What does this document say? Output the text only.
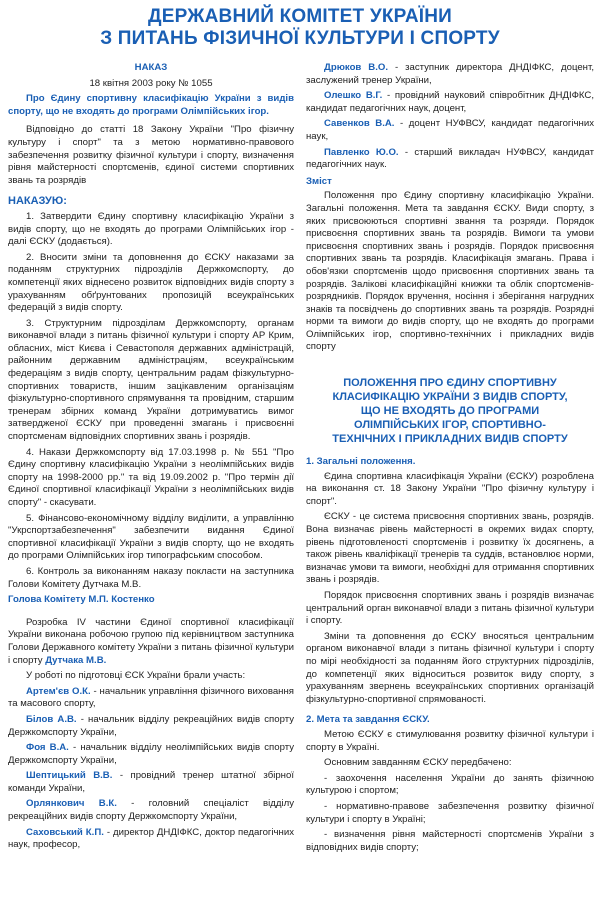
ДЕРЖАВНИЙ КОМІТЕТ УКРАЇНИ
З ПИТАНЬ ФІЗИЧНОЇ КУЛЬТУРИ І СПОРТУ

НАКАЗ

18 квітня 2003 року № 1055

Про Єдину спортивну класифікацію України з видів спорту, що не входять до програми Олімпійських ігор.

Відповідно до статті 18 Закону України "Про фізичну культуру і спорт" та з метою нормативно-правового забезпечення розвитку фізичної культури і спорту, визначення рівня майстерності спортсменів, єдиної системи спортивних звань та розрядів

НАКАЗУЮ:

1. Затвердити Єдину спортивну класифікацію України з видів спорту, що не входять до програми Олімпійських ігор - далі ЄСКУ (додається).

2. Вносити зміни та доповнення до ЄСКУ наказами за поданням структурних підрозділів Держкомспорту, до компетенції яких віднесено розвиток відповідних видів спорту з урахуванням обґрунтованих пропозицій всеукраїнських федерацій з видів спорту.

3. Структурним підрозділам Держкомспорту, органам виконавчої влади з питань фізичної культури і спорту АР Крим, обласних, міст Києва і Севастополя державних адміністрацій, районним державним адміністраціям, всеукраїнським федераціям з видів спорту, центральним радам фізкультурно-спортивних товариств, іншим зацікавленим організаціям фізкультурно-спортивного спрямування та провідним, старшим тренерам збірних команд України дотримуватись вимог затвердженої ЄСКУ при проведенні змагань і присвоєнні спортсменам відповідних спортивних звань і розрядів.

4. Накази Держкомспорту від 17.03.1998 р. № 551 "Про Єдину спортивну класифікацію України з неолімпійських видів спорту на 1998-2000 рр." та від 19.09.2002 р. "Про термін дії Єдиної спортивної класифікації України з неолімпійських видів спорту" - скасувати.

5. Фінансово-економічному відділу виділити, а управлінню "Укрспортзабезпечення" забезпечити видання Єдиної спортивної класифікації України з видів спорту, що не входять до програми Олімпійських ігор типографським способом.

6. Контроль за виконанням наказу покласти на заступника Голови Комітету Дутчака М.В.

Голова Комітету М.П. Костенко

Розробка IV частини Єдиної спортивної класифікації України виконана робочою групою під керівництвом заступника Голови Державного комітету України з питань фізичної культури і спорту Дутчака М.В.

У роботі по підготовці ЄСК України брали участь:

Артем'єв О.К. - начальник управління фізичного виховання та масового спорту,

Білов А.В. - начальник відділу рекреаційних видів спорту Держкомспорту України,

Фоя В.А. - начальник відділу неолімпійських видів спорту Держкомспорту України,

Шептицький В.В. - провідний тренер штатної збірної команди України,

Орлянкович В.К. - головний спеціаліст відділу рекреаційних видів спорту Держкомспорту України,

Саховський К.П. - директор ДНДІФКС, доктор педагогічних наук, професор,

Дрюков В.О. - заступник директора ДНДІФКС, доцент, заслужений тренер України,

Олешко В.Г. - провідний науковий співробітник ДНДІФКС, кандидат педагогічних наук, доцент,

Савенков В.А. - доцент НУФВСУ, кандидат педагогічних наук,

Павленко Ю.О. - старший викладач НУФВСУ, кандидат педагогічних наук.

Зміст

Положення про Єдину спортивну класифікацію України. Загальні положення. Мета та завдання ЄСКУ. Види спорту, з яких присвоюються спортивні звання та розряди. Порядок присвоєння спортивних звань та розрядів. Вимоги та умови присвоєння спортивних звань і розрядів. Порядок присвоєння спортивних звань та розрядів. Класифікація змагань. Права і обов'язки спортсменів щодо присвоєння спортивних звань та розрядів. Залікові класифікаційні книжки та облік спортсменів-розрядників. Порядок вручення, носіння і зберігання нагрудних знаків та посвідчень до спортивних звань та розрядів. Розрядні норми та вимоги до видів спорту, що не входять до програми Олімпійських ігор, спортивно-технічних і прикладних видів спорту

ПОЛОЖЕННЯ ПРО ЄДИНУ СПОРТИВНУ КЛАСИФІКАЦІЮ УКРАЇНИ З ВИДІВ СПОРТУ, ЩО НЕ ВХОДЯТЬ ДО ПРОГРАМИ ОЛІМПІЙСЬКИХ ІГОР, СПОРТИВНО-ТЕХНІЧНИХ І ПРИКЛАДНИХ ВИДІВ СПОРТУ

1. Загальні положення.

Єдина спортивна класифікація України (ЄСКУ) розроблена на виконання ст. 18 Закону України "Про фізичну культуру і спорт".

ЄСКУ - це система присвоєння спортивних звань, розрядів. Вона визначає рівень майстерності в окремих видах спорту, рівень підготовленості спортсменів і розвитку їх досягнень, а також рівень кваліфікації тренерів та суддів, встановлює норми, визначає умови та вимоги, необхідні для отримання спортивних звань і розрядів.

Порядок присвоєння спортивних звань і розрядів визначає центральний орган виконавчої влади з питань фізичної культури і спорту.

Зміни та доповнення до ЄСКУ вносяться центральним органом виконавчої влади з питань фізичної культури і спорту по мірі необхідності за поданням його структурних підрозділів, до компетенції яких відноситься розвиток виду спорту, з урахуванням звернень всеукраїнських спортивних організацій фізкультурно-спортивної спрямованості.

2. Мета та завдання ЄСКУ.

Метою ЄСКУ є стимулювання розвитку фізичної культури і спорту в Україні.

Основним завданням ЄСКУ передбачено:

- заохочення населення України до занять фізичною культурою і спортом;

- нормативно-правове забезпечення розвитку фізичної культури і спорту в Україні;

- визначення рівня майстерності спортсменів України з відповідних видів спорту;
